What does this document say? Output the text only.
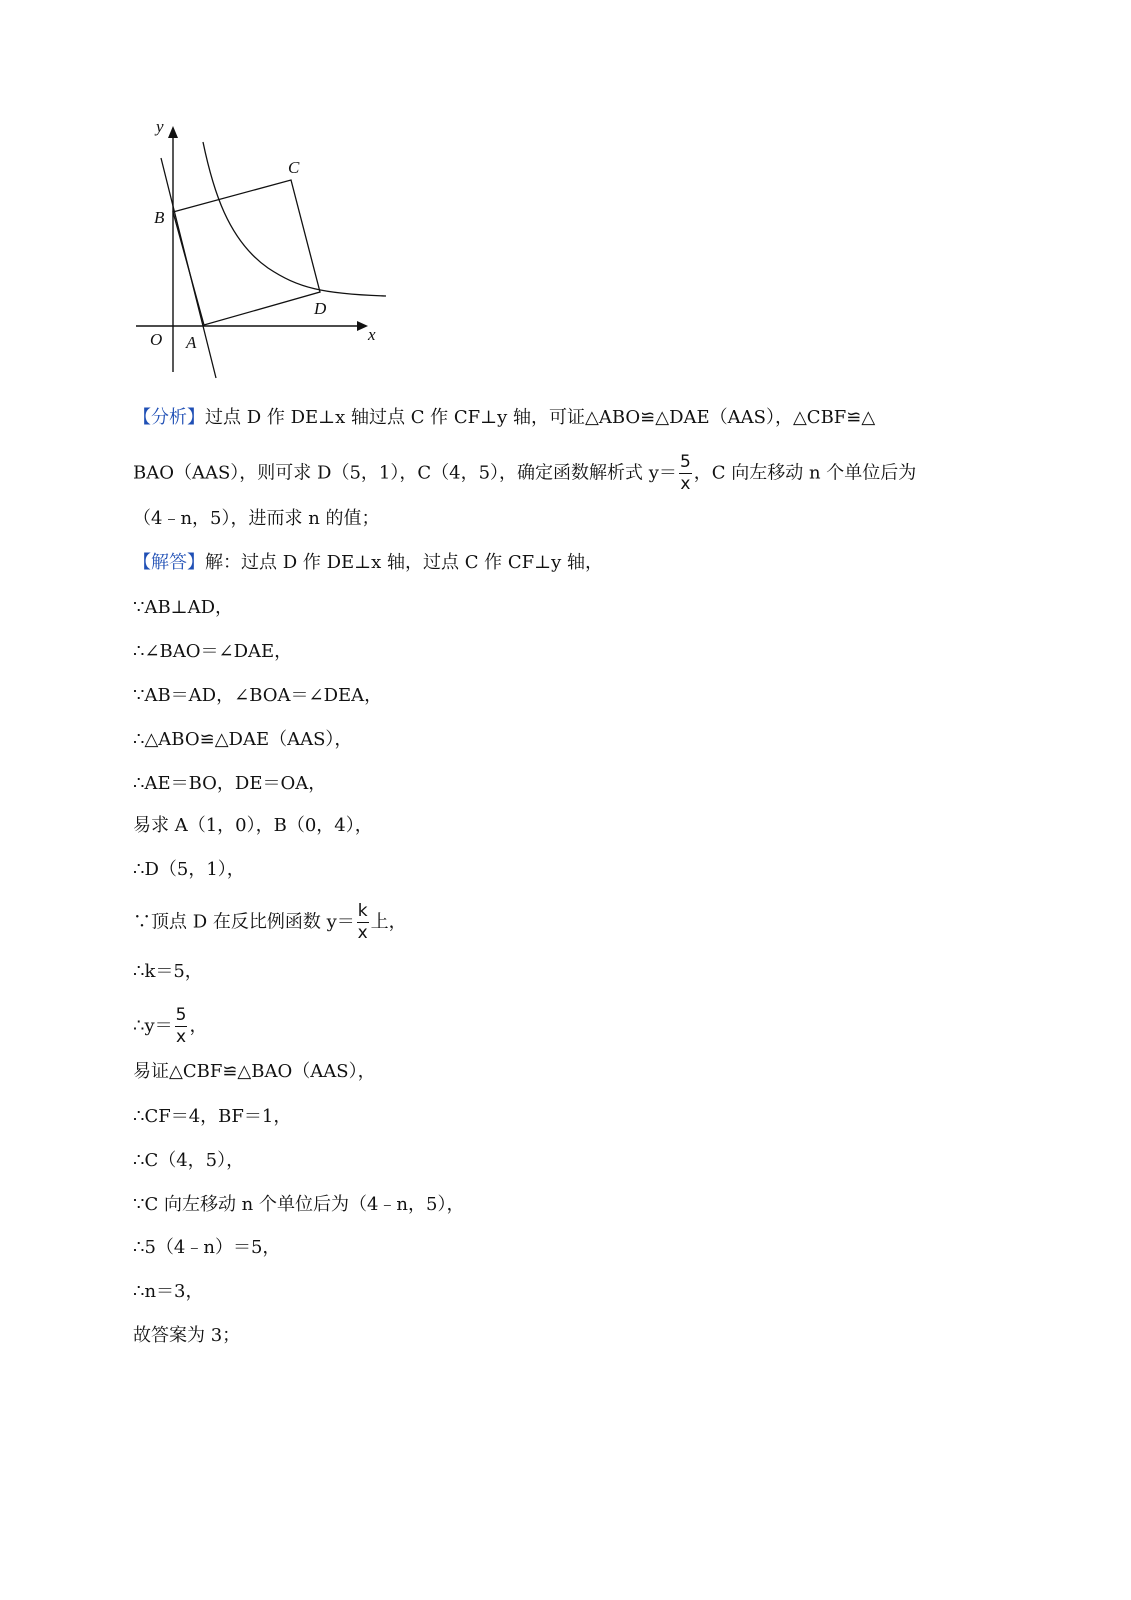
y
x
O A
B
C
D
【分析】过点 D 作 DE⊥x 轴过点 C 作 CF⊥y 轴，可证△ABO≌△DAE（AAS），△CBF≌△
BAO（AAS），则可求 D（5，1），C（4，5），确定函数解析式 $y= \frac{5}{x}$ ，C 向左移动 n 个单位后为
（4﹣n，5），进而求 n 的值；
【解答】解：过点 D 作 DE⊥x 轴，过点 C 作 CF⊥y 轴，
∵AB⊥AD，
∴∠BAO＝∠DAE，
∵AB＝AD，∠BOA＝∠DEA，
∴△ABO≌△DAE（AAS），
∴AE＝BO，DE＝OA，
易求 A（1，0），B（0，4），
∴D（5，1），
∵顶点 D 在反比例函数 $y= \frac{k}{x}$ 上，
∴k＝5，
∴y＝ $\frac{5}{x}$ ，
易证△CBF≌△BAO（AAS），
∴CF＝4，BF＝1，
∴C（4，5），
∵C 向左移动 n 个单位后为（4﹣n，5），
∴5（4﹣n）＝5，
∴n＝3，
故答案为 3；
